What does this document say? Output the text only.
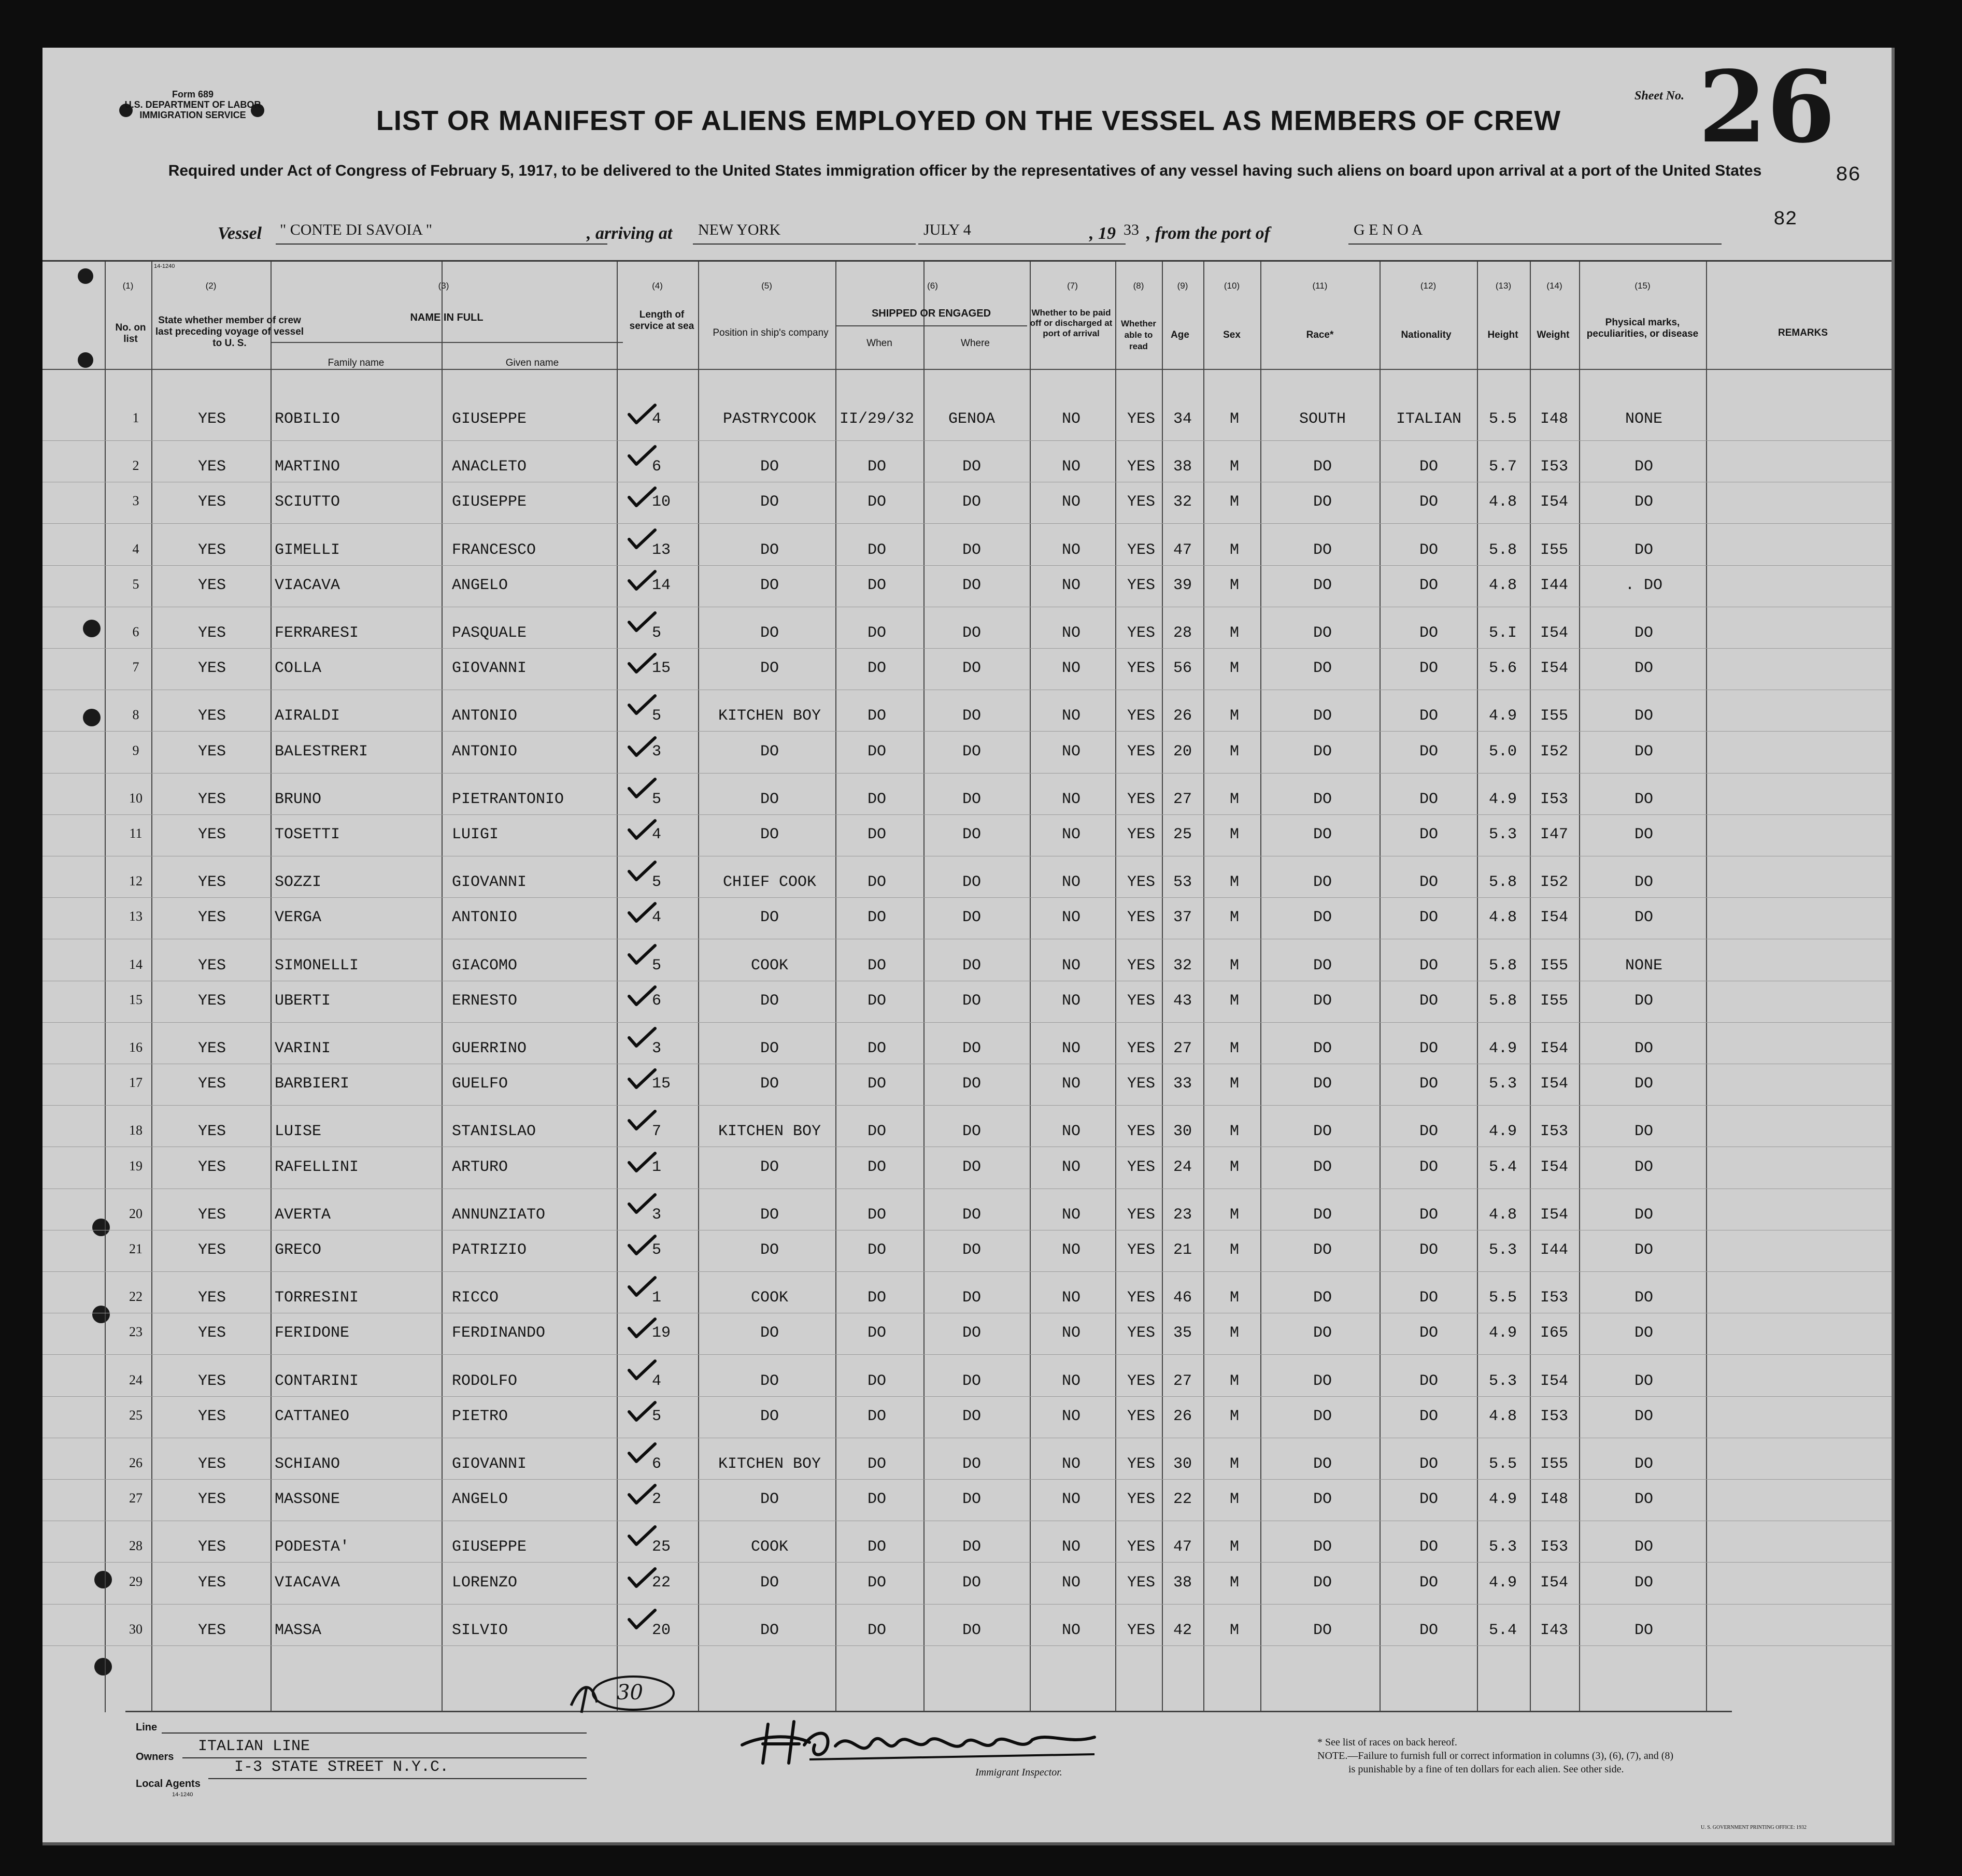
Form 689
U.S. DEPARTMENT OF LABOR
IMMIGRATION SERVICE	LIST OR MANIFEST OF ALIENS EMPLOYED ON THE VESSEL AS MEMBERS OF CREW
Required under Act of Congress of February 5, 1917, to be delivered to the United States immigration officer by the representatives of any vessel having such aliens on board upon arrival at a port of the United States
Sheet No. 26
86
82
Vessel " CONTE DI SAVOIA "	, arriving at NEW YORK	JULY 4	, 19 33 , from the port of	G E N O A
14-1240
(1)	(2)	(3)	(4)	(5)	(6)	(7)	(8)	(9)	(10)	(11)	(12)	(13)	(14)	(15)
No. on list
State whether member of crew last preceding voyage of vessel to U. S.
NAME IN FULL
Family name	Given name
Length of service at sea
Position in ship's company
SHIPPED OR ENGAGED
When	Where
Whether to be paid off or discharged at port of arrival
Whether able to read
Age	Sex	Race*	Nationality	Height	Weight
Physical marks, peculiarities, or disease	REMARKS
1	YES	ROBILIO	GIUSEPPE	4	PASTRYCOOK	II/29/32	GENOA	NO	YES	34	M	SOUTH	ITALIAN	5.5	I48	NONE
2	YES	MARTINO	ANACLETO	6	DO	DO	DO	NO	YES	38	M	DO	DO	5.7	I53	DO
3	YES	SCIUTTO	GIUSEPPE	10	DO	DO	DO	NO	YES	32	M	DO	DO	4.8	I54	DO
4	YES	GIMELLI	FRANCESCO	13	DO	DO	DO	NO	YES	47	M	DO	DO	5.8	I55	DO
5	YES	VIACAVA	ANGELO	14	DO	DO	DO	NO	YES	39	M	DO	DO	4.8	I44	. DO
6	YES	FERRARESI	PASQUALE	5	DO	DO	DO	NO	YES	28	M	DO	DO	5.I	I54	DO
7	YES	COLLA	GIOVANNI	15	DO	DO	DO	NO	YES	56	M	DO	DO	5.6	I54	DO
8	YES	AIRALDI	ANTONIO	5	KITCHEN BOY	DO	DO	NO	YES	26	M	DO	DO	4.9	I55	DO
9	YES	BALESTRERI	ANTONIO	3	DO	DO	DO	NO	YES	20	M	DO	DO	5.0	I52	DO
10	YES	BRUNO	PIETRANTONIO	5	DO	DO	DO	NO	YES	27	M	DO	DO	4.9	I53	DO
11	YES	TOSETTI	LUIGI	4	DO	DO	DO	NO	YES	25	M	DO	DO	5.3	I47	DO
12	YES	SOZZI	GIOVANNI	5	CHIEF COOK	DO	DO	NO	YES	53	M	DO	DO	5.8	I52	DO
13	YES	VERGA	ANTONIO	4	DO	DO	DO	NO	YES	37	M	DO	DO	4.8	I54	DO
14	YES	SIMONELLI	GIACOMO	5	COOK	DO	DO	NO	YES	32	M	DO	DO	5.8	I55	NONE
15	YES	UBERTI	ERNESTO	6	DO	DO	DO	NO	YES	43	M	DO	DO	5.8	I55	DO
16	YES	VARINI	GUERRINO	3	DO	DO	DO	NO	YES	27	M	DO	DO	4.9	I54	DO
17	YES	BARBIERI	GUELFO	15	DO	DO	DO	NO	YES	33	M	DO	DO	5.3	I54	DO
18	YES	LUISE	STANISLAO	7	KITCHEN BOY	DO	DO	NO	YES	30	M	DO	DO	4.9	I53	DO
19	YES	RAFELLINI	ARTURO	1	DO	DO	DO	NO	YES	24	M	DO	DO	5.4	I54	DO
20	YES	AVERTA	ANNUNZIATO	3	DO	DO	DO	NO	YES	23	M	DO	DO	4.8	I54	DO
21	YES	GRECO	PATRIZIO	5	DO	DO	DO	NO	YES	21	M	DO	DO	5.3	I44	DO
22	YES	TORRESINI	RICCO	1	COOK	DO	DO	NO	YES	46	M	DO	DO	5.5	I53	DO
23	YES	FERIDONE	FERDINANDO	19	DO	DO	DO	NO	YES	35	M	DO	DO	4.9	I65	DO
24	YES	CONTARINI	RODOLFO	4	DO	DO	DO	NO	YES	27	M	DO	DO	5.3	I54	DO
25	YES	CATTANEO	PIETRO	5	DO	DO	DO	NO	YES	26	M	DO	DO	4.8	I53	DO
26	YES	SCHIANO	GIOVANNI	6	KITCHEN BOY	DO	DO	NO	YES	30	M	DO	DO	5.5	I55	DO
27	YES	MASSONE	ANGELO	2	DO	DO	DO	NO	YES	22	M	DO	DO	4.9	I48	DO
28	YES	PODESTA'	GIUSEPPE	25	COOK	DO	DO	NO	YES	47	M	DO	DO	5.3	I53	DO
29	YES	VIACAVA	LORENZO	22	DO	DO	DO	NO	YES	38	M	DO	DO	4.9	I54	DO
30	YES	MASSA	SILVIO	20	DO	DO	DO	NO	YES	42	M	DO	DO	5.4	I43	DO
30
Line
Owners
ITALIAN LINE
Local Agents
I-3 STATE STREET N.Y.C.
14-1240
Immigrant Inspector.
* See list of races on back hereof.
NOTE.—Failure to furnish full or correct information in columns (3), (6), (7), and (8)
is punishable by a fine of ten dollars for each alien. See other side.
U. S. GOVERNMENT PRINTING OFFICE: 1932
